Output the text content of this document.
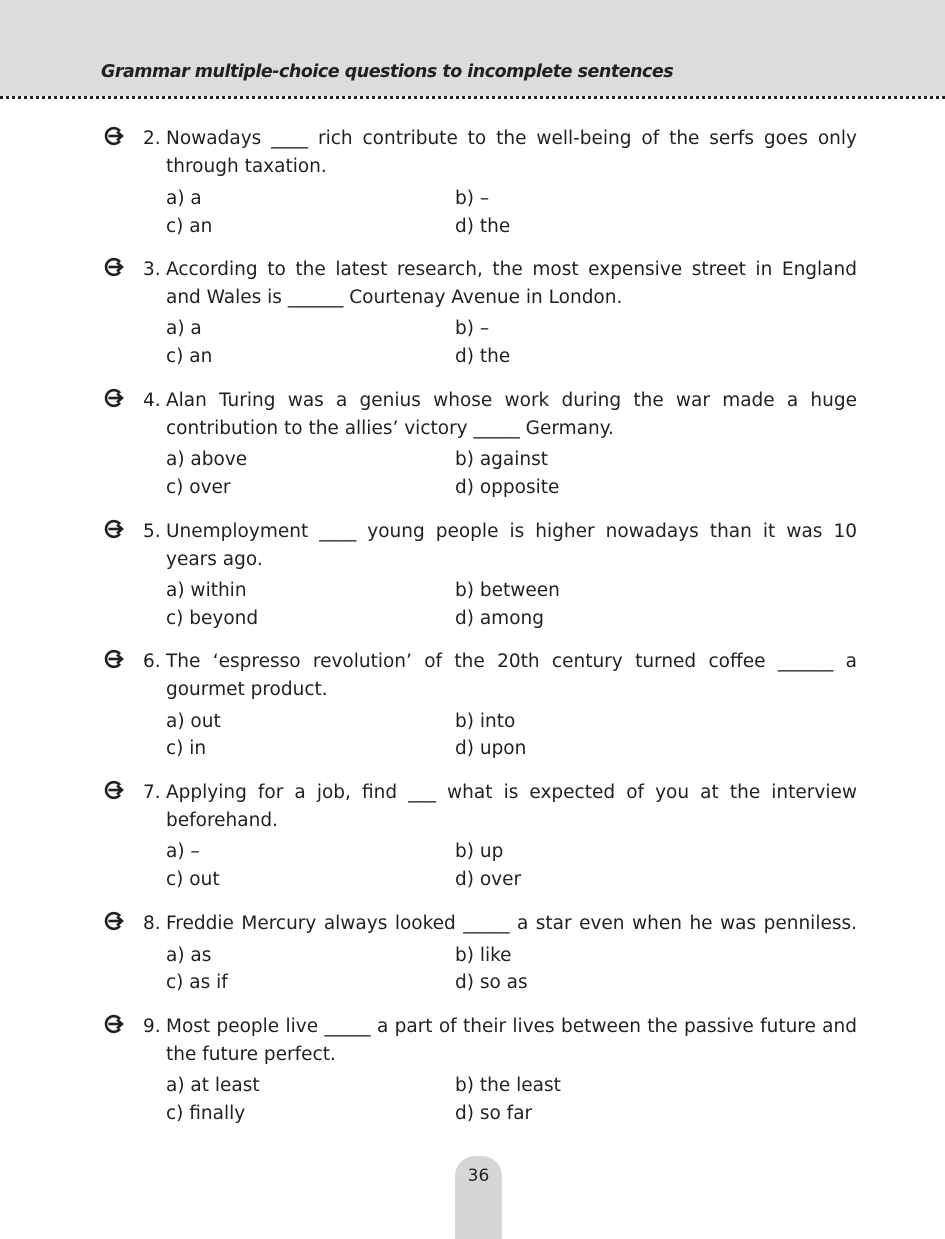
Grammar multiple-choice questions to incomplete sentences
2. Nowadays ____ rich contribute to the well-being of the serfs goes only through taxation.
a) a	b) –
c) an	d) the
3. According to the latest research, the most expensive street in England and Wales is ______ Courtenay Avenue in London.
a) a	b) –
c) an	d) the
4. Alan Turing was a genius whose work during the war made a huge contribution to the allies’ victory _____ Germany.
a) above	b) against
c) over	d) opposite
5. Unemployment ____ young people is higher nowadays than it was 10 years ago.
a) within	b) between
c) beyond	d) among
6. The ‘espresso revolution’ of the 20th century turned coffee ______ a gourmet product.
a) out	b) into
c) in	d) upon
7. Applying for a job, find ___ what is expected of you at the interview beforehand.
a) –	b) up
c) out	d) over
8. Freddie Mercury always looked _____ a star even when he was penniless.
a) as	b) like
c) as if	d) so as
9. Most people live _____ a part of their lives between the passive future and the future perfect.
a) at least	b) the least
c) finally	d) so far
36
